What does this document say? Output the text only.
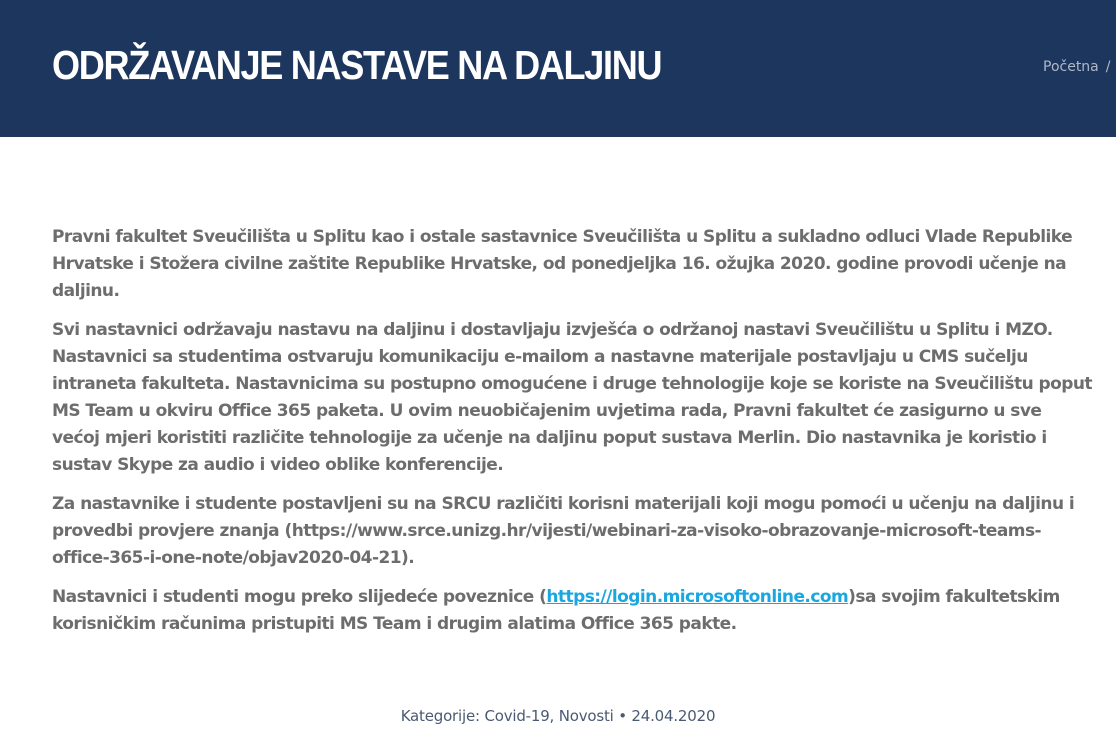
ODRŽAVANJE NASTAVE NA DALJINU	Početna /

Pravni fakultet Sveučilišta u Splitu kao i ostale sastavnice Sveučilišta u Splitu a sukladno odluci Vlade Republike Hrvatske i Stožera civilne zaštite Republike Hrvatske, od ponedjeljka 16. ožujka 2020. godine provodi učenje na daljinu.

Svi nastavnici održavaju nastavu na daljinu i dostavljaju izvješća o održanoj nastavi Sveučilištu u Splitu i MZO. Nastavnici sa studentima ostvaruju komunikaciju e-mailom a nastavne materijale postavljaju u CMS sučelju intraneta fakulteta. Nastavnicima su postupno omogućene i druge tehnologije koje se koriste na Sveučilištu poput MS Team u okviru Office 365 paketa. U ovim neuobičajenim uvjetima rada, Pravni fakultet će zasigurno u sve većoj mjeri koristiti različite tehnologije za učenje na daljinu poput sustava Merlin. Dio nastavnika je koristio i sustav Skype za audio i video oblike konferencije.

Za nastavnike i studente postavljeni su na SRCU različiti korisni materijali koji mogu pomoći u učenju na daljinu i provedbi provjere znanja (https://www.srce.unizg.hr/vijesti/webinari-za-visoko-obrazovanje-microsoft-teams-office-365-i-one-note/objav2020-04-21).

Nastavnici i studenti mogu preko slijedeće poveznice (https://login.microsoftonline.com)sa svojim fakultetskim korisničkim računima pristupiti MS Team i drugim alatima Office 365 pakte.

Kategorije: Covid-19, Novosti • 24.04.2020
